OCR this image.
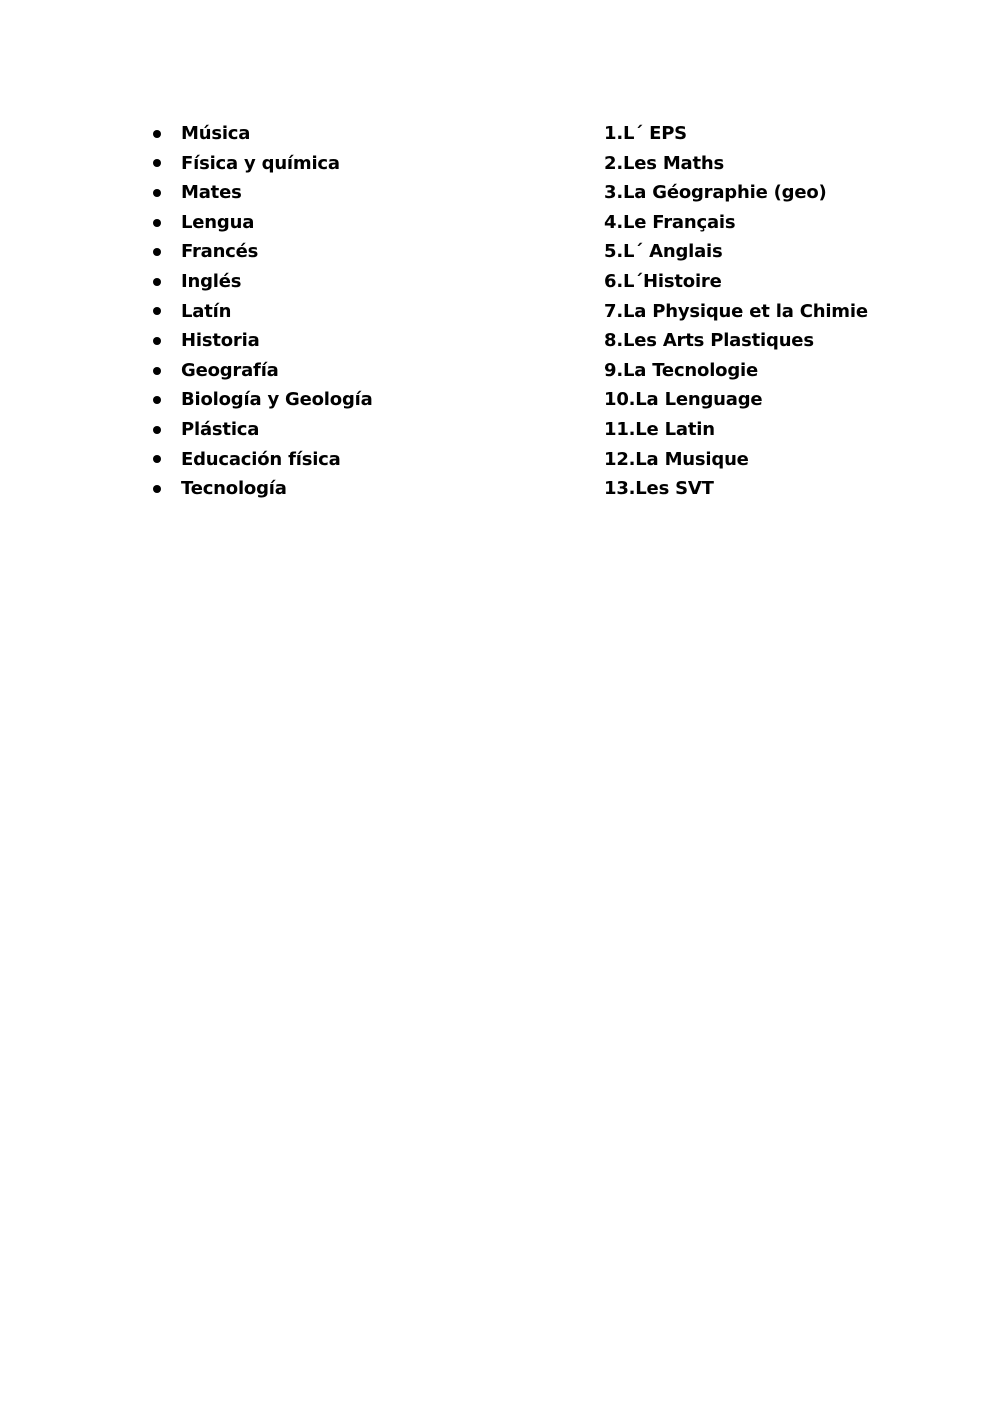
Música
Física y química
Mates
Lengua
Francés
Inglés
Latín
Historia
Geografía
Biología y Geología
Plástica
Educación física
Tecnología
1.L´ EPS
2.Les Maths
3.La Géographie (geo)
4.Le Français
5.L´ Anglais
6.L´Histoire
7.La Physique et la Chimie
8.Les Arts Plastiques
9.La Tecnologie
10.La Lenguage
11.Le Latin
12.La Musique
13.Les SVT
